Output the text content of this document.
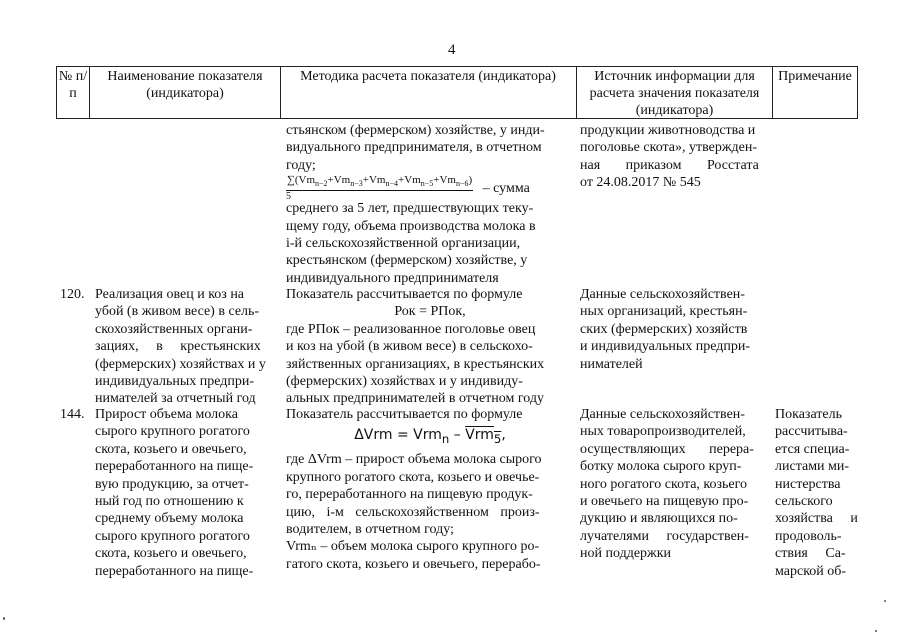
4
№ п/п
Наименование показателя (индикатора)
Методика расчета показателя (индикатора)	Источник информации для расчета значения показателя (индикатора)
Примечание
стьянском (фермерском) хозяйстве, у инди-
видуального предпринимателя, в отчетном
году;
$\frac{\sum(Vm_{n-2}+Vm_{n-3}+Vm_{n-4}+Vm_{n-5}+Vm_{n-6})}{5}$ – сумма
среднего за 5 лет, предшествующих теку-
щему году, объема производства молока в
i-й сельскохозяйственной организации,
крестьянском (фермерском) хозяйстве, у
индивидуального предпринимателя
продукции животноводства и
поголовье скота», утвержден-
ная приказом Росстата
от 24.08.2017 № 545
120. Реализация овец и коз на
убой (в живом весе) в сель-
скохозяйственных органи-
зациях, в крестьянских
(фермерских) хозяйствах и у
индивидуальных предпри-
нимателей за отчетный год
Показатель рассчитывается по формуле
Рок = РПок,
где РПок – реализованное поголовье овец
и коз на убой (в живом весе) в сельскохо-
зяйственных организациях, в крестьянских
(фермерских) хозяйствах и у индивиду-
альных предпринимателей в отчетном году
Данные сельскохозяйствен-
ных организаций, крестьян-
ских (фермерских) хозяйств
и индивидуальных предпри-
нимателей
144. Прирост объема молока
сырого крупного рогатого
скота, козьего и овечьего,
переработанного на пище-
вую продукцию, за отчет-
ный год по отношению к
среднему объему молока
сырого крупного рогатого
скота, козьего и овечьего,
переработанного на пище-
Показатель рассчитывается по формуле
ΔVrm = Vrm$_n$ – Vrm$_5$,
где ΔVrm – прирост объема молока сырого
крупного рогатого скота, козьего и овечье-
го, переработанного на пищевую продук-
цию, i-м сельскохозяйственном произ-
водителем, в отчетном году;
Vrmₙ – объем молока сырого крупного ро-
гатого скота, козьего и овечьего, перерабо-
Данные сельскохозяйствен-
ных товаропроизводителей,
осуществляющих перера-
ботку молока сырого круп-
ного рогатого скота, козьего
и овечьего на пищевую про-
дукцию и являющихся по-
лучателями государствен-
ной поддержки
Показатель
рассчитыва-
ется специа-
листами ми-
нистерства
сельского
хозяйства и
продоволь-
ствия Са-
марской об-
